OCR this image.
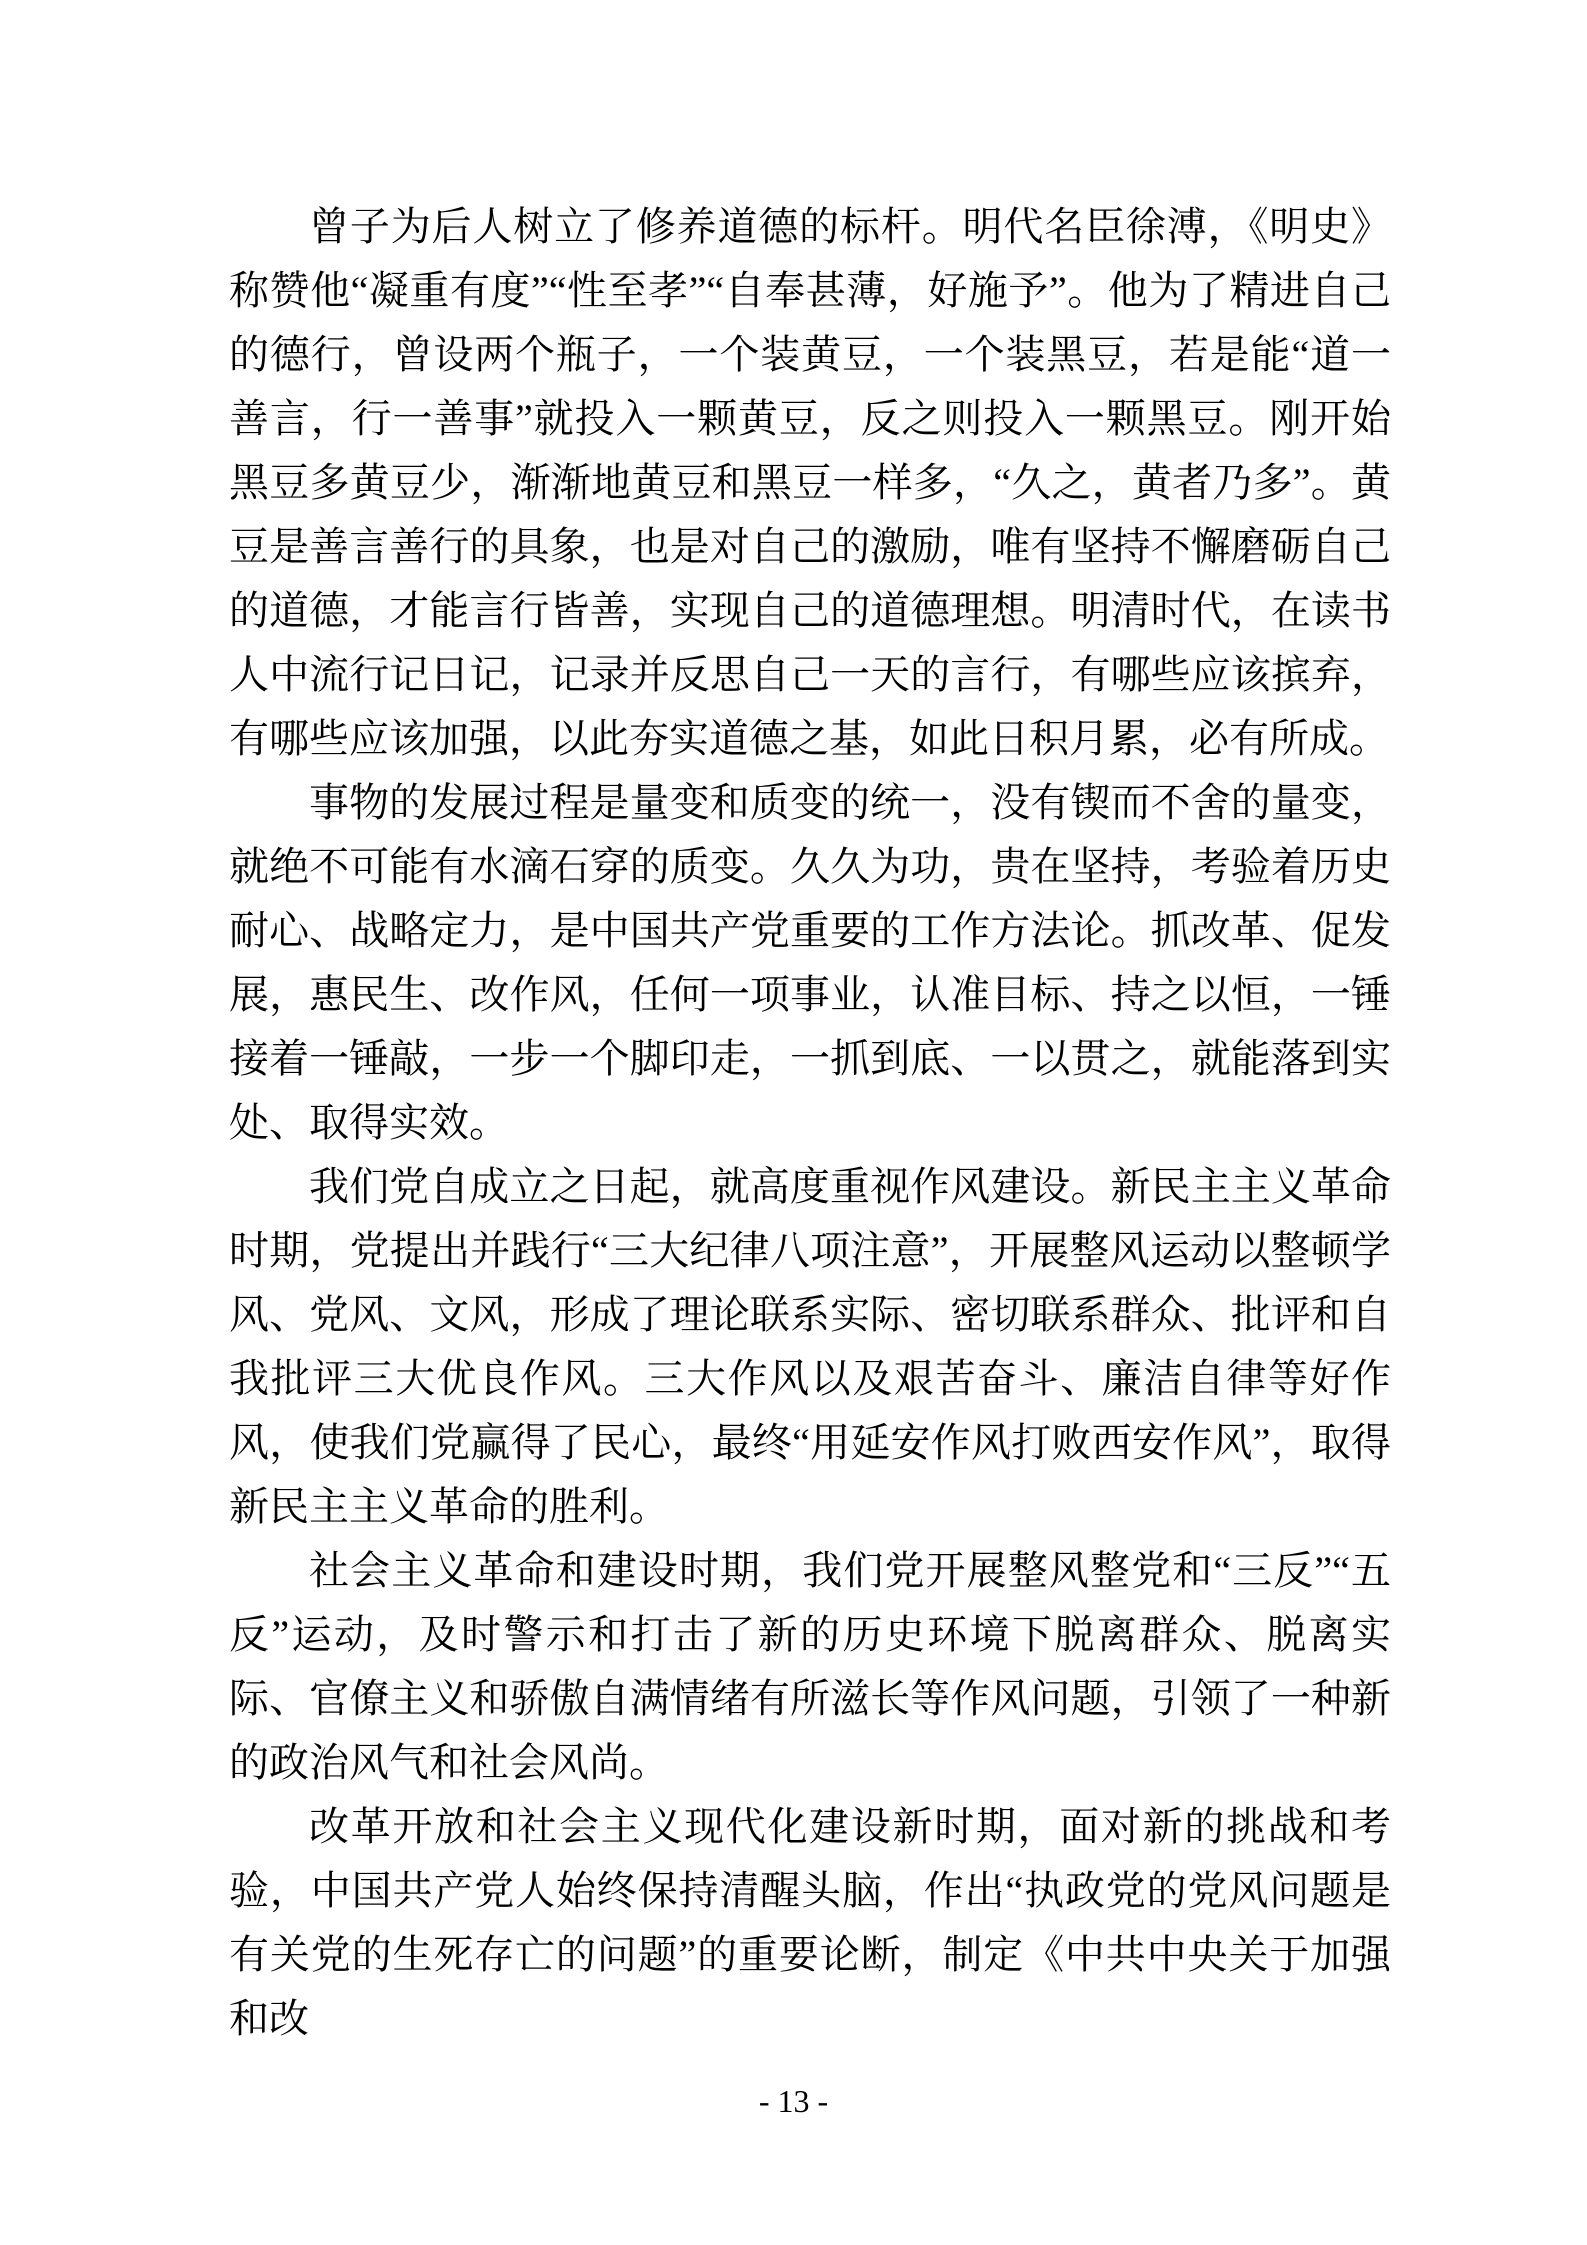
曾子为后人树立了修养道德的标杆。明代名臣徐溥，《明史》称赞他“凝重有度”“性至孝”“自奉甚薄，好施予”。他为了精进自己的德行，曾设两个瓶子，一个装黄豆，一个装黑豆，若是能“道一善言，行一善事”就投入一颗黄豆，反之则投入一颗黑豆。刚开始黑豆多黄豆少，渐渐地黄豆和黑豆一样多，“久之，黄者乃多”。黄豆是善言善行的具象，也是对自己的激励，唯有坚持不懈磨砺自己的道德，才能言行皆善，实现自己的道德理想。明清时代，在读书人中流行记日记，记录并反思自己一天的言行，有哪些应该摈弃，有哪些应该加强，以此夯实道德之基，如此日积月累，必有所成。

事物的发展过程是量变和质变的统一，没有锲而不舍的量变，就绝不可能有水滴石穿的质变。久久为功，贵在坚持，考验着历史耐心、战略定力，是中国共产党重要的工作方法论。抓改革、促发展，惠民生、改作风，任何一项事业，认准目标、持之以恒，一锤接着一锤敲，一步一个脚印走，一抓到底、一以贯之，就能落到实处、取得实效。

我们党自成立之日起，就高度重视作风建设。新民主主义革命时期，党提出并践行“三大纪律八项注意”，开展整风运动以整顿学风、党风、文风，形成了理论联系实际、密切联系群众、批评和自我批评三大优良作风。三大作风以及艰苦奋斗、廉洁自律等好作风，使我们党赢得了民心，最终“用延安作风打败西安作风”，取得新民主主义革命的胜利。

社会主义革命和建设时期，我们党开展整风整党和“三反”“五反”运动，及时警示和打击了新的历史环境下脱离群众、脱离实际、官僚主义和骄傲自满情绪有所滋长等作风问题，引领了一种新的政治风气和社会风尚。

改革开放和社会主义现代化建设新时期，面对新的挑战和考验，中国共产党人始终保持清醒头脑，作出“执政党的党风问题是有关党的生死存亡的问题”的重要论断，制定《中共中央关于加强和改

- 13 -
